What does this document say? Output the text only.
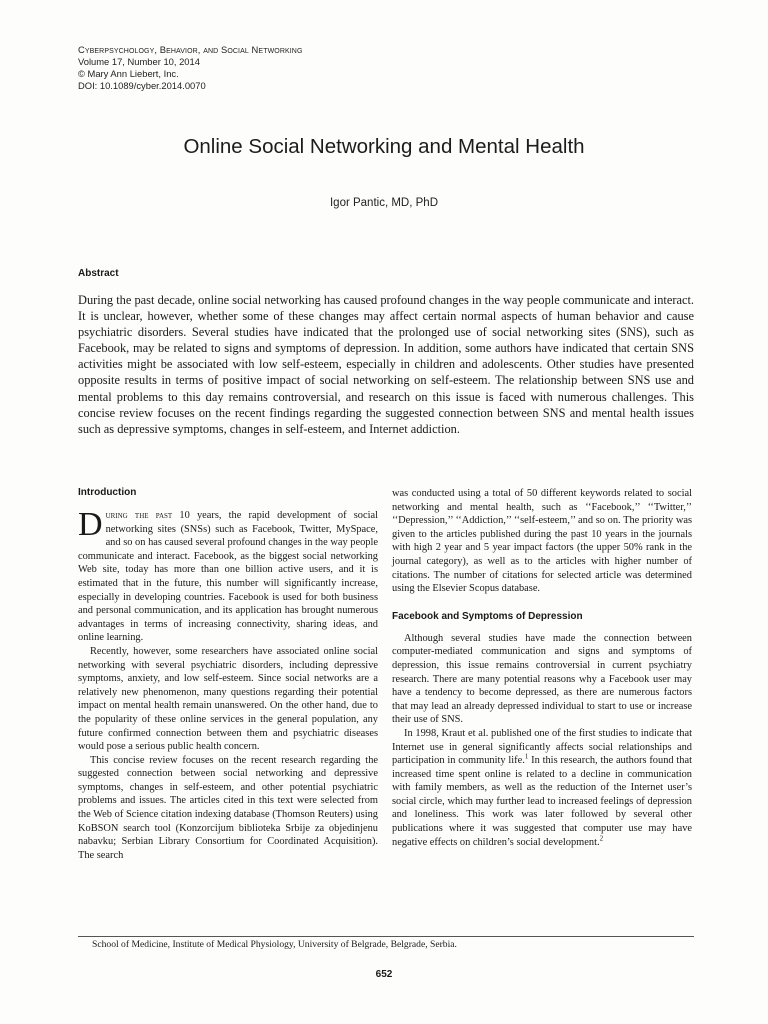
Cyberpsychology, Behavior, and Social Networking
Volume 17, Number 10, 2014
© Mary Ann Liebert, Inc.
DOI: 10.1089/cyber.2014.0070
Online Social Networking and Mental Health
Igor Pantic, MD, PhD
Abstract

During the past decade, online social networking has caused profound changes in the way people communicate and interact. It is unclear, however, whether some of these changes may affect certain normal aspects of human behavior and cause psychiatric disorders. Several studies have indicated that the prolonged use of social networking sites (SNS), such as Facebook, may be related to signs and symptoms of depression. In addition, some authors have indicated that certain SNS activities might be associated with low self-esteem, especially in children and adolescents. Other studies have presented opposite results in terms of positive impact of social networking on self-esteem. The relationship between SNS use and mental problems to this day remains controversial, and research on this issue is faced with numerous challenges. This concise review focuses on the recent findings regarding the suggested connection between SNS and mental health issues such as depressive symptoms, changes in self-esteem, and Internet addiction.

Introduction

During the past 10 years, the rapid development of social networking sites (SNSs) such as Facebook, Twitter, MySpace, and so on has caused several profound changes in the way people communicate and interact. Facebook, as the biggest social networking Web site, today has more than one billion active users, and it is estimated that in the future, this number will significantly increase, especially in developing countries. Facebook is used for both business and personal communication, and its application has brought numerous advantages in terms of increasing connectivity, sharing ideas, and online learning.

Recently, however, some researchers have associated online social networking with several psychiatric disorders, including depressive symptoms, anxiety, and low self-esteem. Since social networks are a relatively new phenomenon, many questions regarding their potential impact on mental health remain unanswered. On the other hand, due to the popularity of these online services in the general population, any future confirmed connection between them and psychiatric diseases would pose a serious public health concern.

This concise review focuses on the recent research regarding the suggested connection between social networking and depressive symptoms, changes in self-esteem, and other potential psychiatric problems and issues. The articles cited in this text were selected from the Web of Science citation indexing database (Thomson Reuters) using KoBSON search tool (Konzorcijum biblioteka Srbije za objedinjenu nabavku; Serbian Library Consortium for Coordinated Acquisition). The search

was conducted using a total of 50 different keywords related to social networking and mental health, such as ‘‘Facebook,’’ ‘‘Twitter,’’ ‘‘Depression,’’ ‘‘Addiction,’’ ‘‘self-esteem,’’ and so on. The priority was given to the articles published during the past 10 years in the journals with high 2 year and 5 year impact factors (the upper 50% rank in the journal category), as well as to the articles with higher number of citations. The number of citations for selected article was determined using the Elsevier Scopus database.

Facebook and Symptoms of Depression

Although several studies have made the connection between computer-mediated communication and signs and symptoms of depression, this issue remains controversial in current psychiatry research. There are many potential reasons why a Facebook user may have a tendency to become depressed, as there are numerous factors that may lead an already depressed individual to start to use or increase their use of SNS.

In 1998, Kraut et al. published one of the first studies to indicate that Internet use in general significantly affects social relationships and participation in community life.$^1$ In this research, the authors found that increased time spent online is related to a decline in communication with family members, as well as the reduction of the Internet user’s social circle, which may further lead to increased feelings of depression and loneliness. This work was later followed by several other publications where it was suggested that computer use may have negative effects on children’s social development.$^2$

School of Medicine, Institute of Medical Physiology, University of Belgrade, Belgrade, Serbia.
652
